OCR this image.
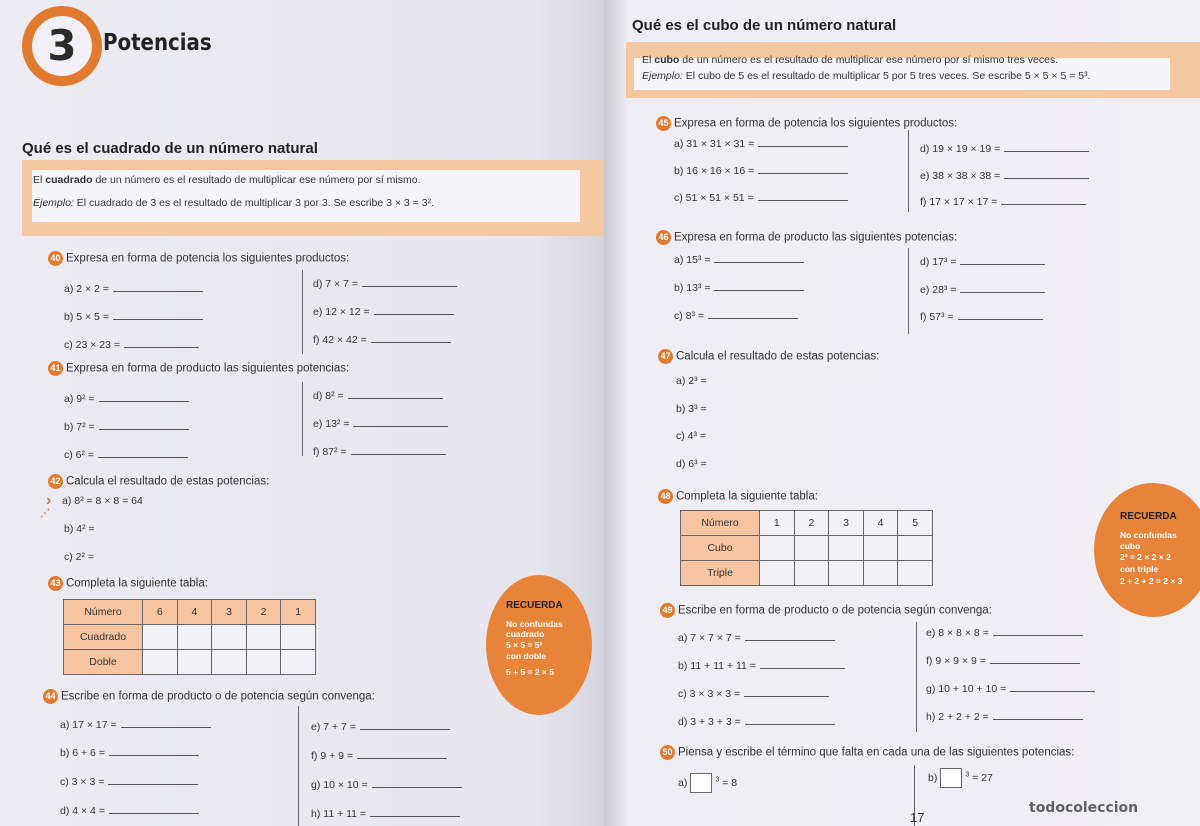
3	Potencias
Qué es el cuadrado de un número natural
El cuadrado de un número es el resultado de multiplicar ese número por sí mismo.
Ejemplo: El cuadrado de 3 es el resultado de multiplicar 3 por 3. Se escribe 3 × 3 = 3².
40 Expresa en forma de potencia los siguientes productos:
a) 2 × 2 =
b) 5 × 5 =
c) 23 × 23 =
d) 7 × 7 =
e) 12 × 12 =
f) 42 × 42 =
41 Expresa en forma de producto las siguientes potencias:
a) 9² =
b) 7² =
c) 6² =
d) 8² =
e) 13² =
f) 87² =
42 Calcula el resultado de estas potencias:
›
⋰
a) 8² = 8 × 8 = 64
b) 4² =
c) 2² =
43 Completa la siguiente tabla:
Número	6	4	3	2	1
Cuadrado					
Doble					
RECUERDA
No confundas
cuadrado
5 × 5 = 5²
con doble
5 + 5 = 2 × 5
44 Escribe en forma de producto o de potencia según convenga:
a) 17 × 17 =
b) 6 + 6 =
c) 3 × 3 =
d) 4 × 4 =
e) 7 + 7 =
f) 9 + 9 =
g) 10 × 10 =
h) 11 + 11 =
Qué es el cubo de un número natural
El cubo de un número es el resultado de multiplicar ese número por sí mismo tres veces.
Ejemplo: El cubo de 5 es el resultado de multiplicar 5 por 5 tres veces. Se escribe 5 × 5 × 5 = 5³.
45 Expresa en forma de potencia los siguientes productos:
a) 31 × 31 × 31 =
b) 16 × 16 × 16 =
c) 51 × 51 × 51 =
d) 19 × 19 × 19 =
e) 38 × 38 × 38 =
f) 17 × 17 × 17 =
46 Expresa en forma de producto las siguientes potencias:
a) 15³ =
b) 13³ =
c) 8³ =
d) 17³ =
e) 28³ =
f) 57³ =
47 Calcula el resultado de estas potencias:
a) 2³ =
b) 3³ =
c) 4³ =
d) 6³ =
48 Completa la siguiente tabla:
Número	1	2	3	4	5
Cubo					
Triple					
RECUERDA
No confundas
cubo
2³ = 2 × 2 × 2
con triple
2 + 2 + 2 = 2 × 3
49 Escribe en forma de producto o de potencia según convenga:
a) 7 × 7 × 7 =
b) 11 + 11 + 11 =
c) 3 × 3 × 3 =
d) 3 + 3 + 3 =
e) 8 × 8 × 8 =
f) 9 × 9 × 9 =
g) 10 + 10 + 10 =
h) 2 + 2 + 2 =
50 Piensa y escribe el término que falta en cada una de las siguientes potencias:
a)	$^3$ = 8	b)	$^3$ = 27
17
todocoleccion
